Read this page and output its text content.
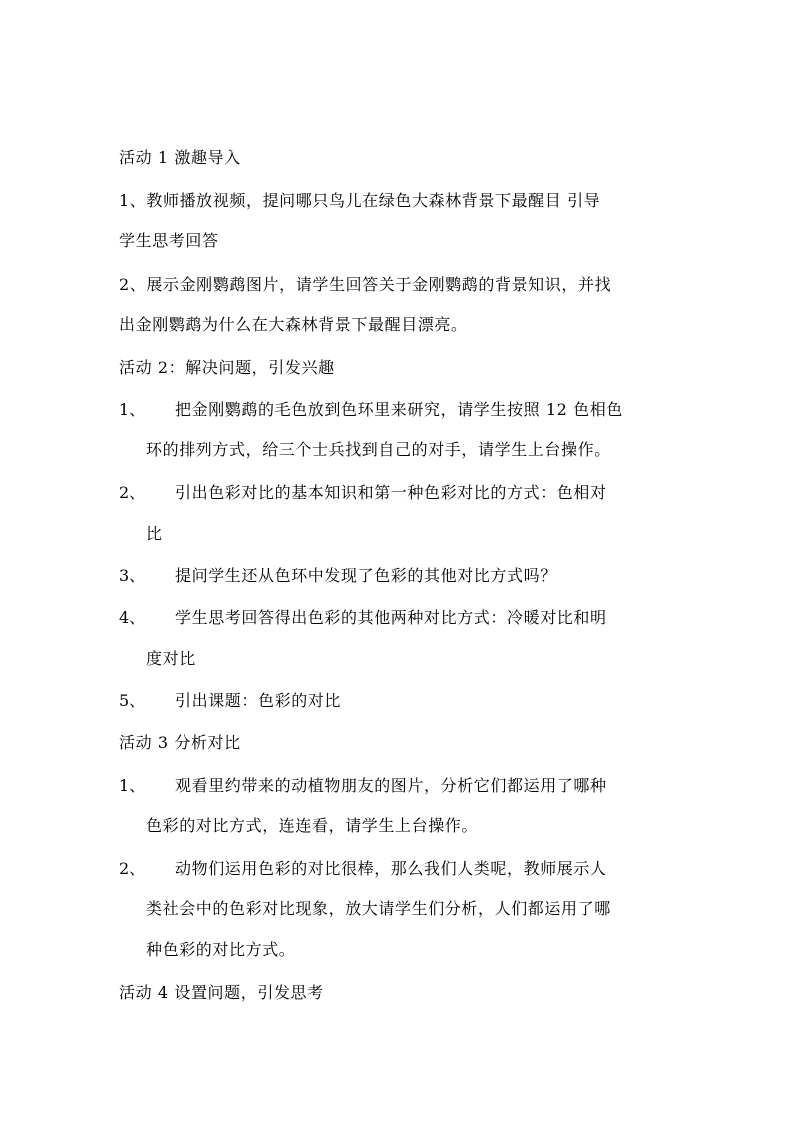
活动 1 激趣导入
1、教师播放视频，提问哪只鸟儿在绿色大森林背景下最醒目 引导
学生思考回答
2、展示金刚鹦鹉图片，请学生回答关于金刚鹦鹉的背景知识，并找
出金刚鹦鹉为什么在大森林背景下最醒目漂亮。
活动 2：解决问题，引发兴趣
1、 把金刚鹦鹉的毛色放到色环里来研究，请学生按照 12 色相色
环的排列方式，给三个士兵找到自己的对手，请学生上台操作。
2、 引出色彩对比的基本知识和第一种色彩对比的方式：色相对
比
3、 提问学生还从色环中发现了色彩的其他对比方式吗？
4、 学生思考回答得出色彩的其他两种对比方式：冷暖对比和明
度对比
5、 引出课题：色彩的对比
活动 3 分析对比
1、 观看里约带来的动植物朋友的图片，分析它们都运用了哪种
色彩的对比方式，连连看，请学生上台操作。
2、 动物们运用色彩的对比很棒，那么我们人类呢，教师展示人
类社会中的色彩对比现象，放大请学生们分析，人们都运用了哪
种色彩的对比方式。
活动 4 设置问题，引发思考
